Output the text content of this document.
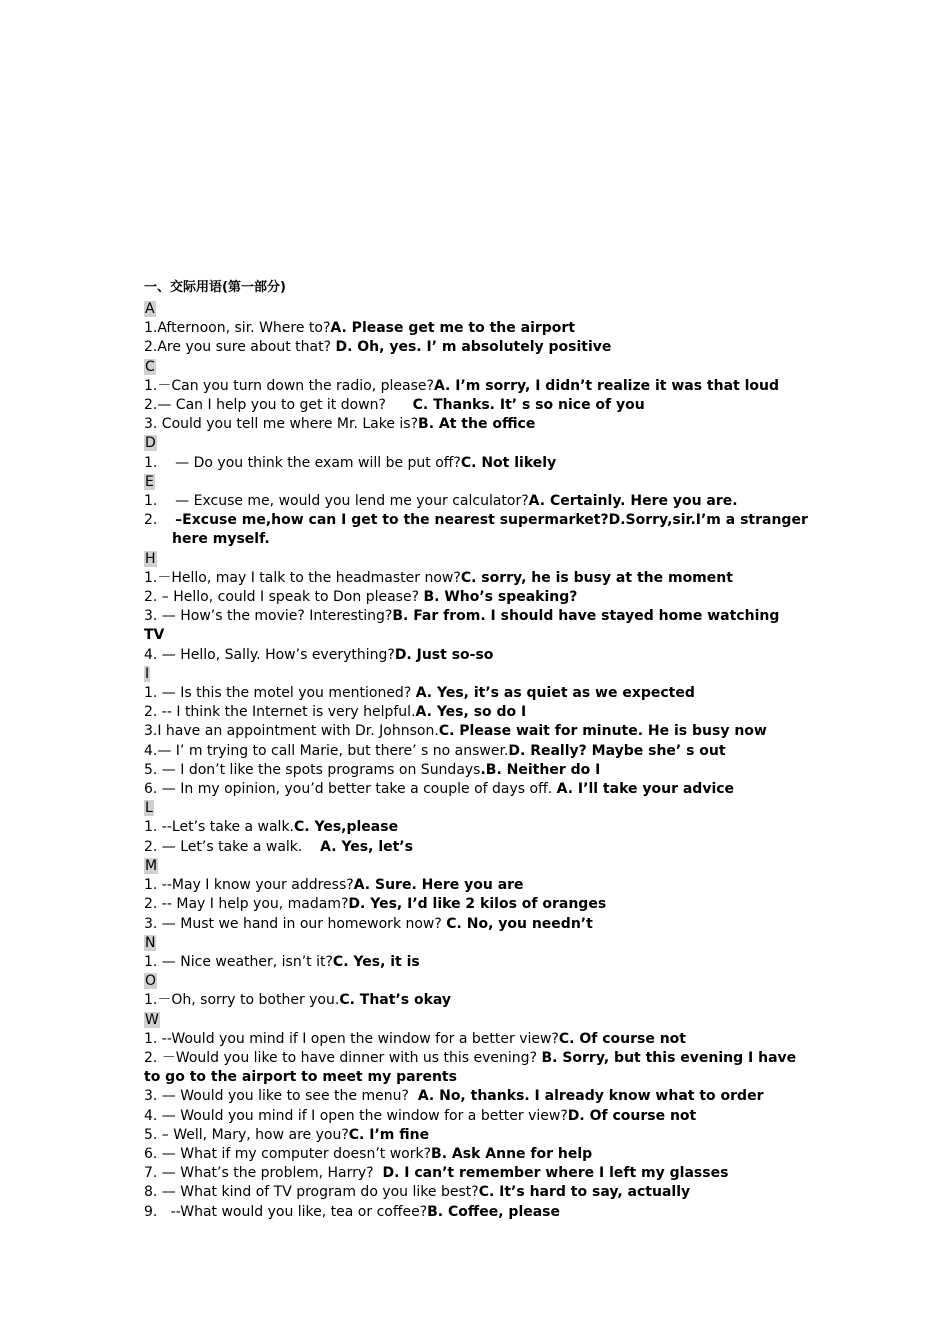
一、交际用语(第一部分)
A
1.Afternoon, sir. Where to?A. Please get me to the airport
2.Are you sure about that? D. Oh, yes. I’ m absolutely positive
C
1.－Can you turn down the radio, please?A. I’m sorry, I didn’t realize it was that loud
2.— Can I help you to get it down?      C. Thanks. It’ s so nice of you
3. Could you tell me where Mr. Lake is?B. At the office
D
1.    — Do you think the exam will be put off?C. Not likely
E
1.    — Excuse me, would you lend me your calculator?A. Certainly. Here you are.
2.    –Excuse me,how can I get to the nearest supermarket?D.Sorry,sir.I’m a stranger here myself.
H
1.－Hello, may I talk to the headmaster now?C. sorry, he is busy at the moment
2. – Hello, could I speak to Don please? B. Who’s speaking?
3. — How’s the movie? Interesting?B. Far from. I should have stayed home watching TV
4. — Hello, Sally. How’s everything?D. Just so-so
I
1. — Is this the motel you mentioned? A. Yes, it’s as quiet as we expected
2. -- I think the Internet is very helpful.A. Yes, so do I
3.I have an appointment with Dr. Johnson.C. Please wait for minute. He is busy now
4.— I’ m trying to call Marie, but there’ s no answer.D. Really? Maybe she’ s out
5. — I don’t like the spots programs on Sundays.B. Neither do I
6. — In my opinion, you’d better take a couple of days off. A. I’ll take your advice
L
1. --Let’s take a walk.C. Yes,please
2. — Let’s take a walk.    A. Yes, let’s
M
1. --May I know your address?A. Sure. Here you are
2. -- May I help you, madam?D. Yes, I’d like 2 kilos of oranges
3. — Must we hand in our homework now? C. No, you needn’t
N
1. — Nice weather, isn’t it?C. Yes, it is
O
1.－Oh, sorry to bother you.C. That’s okay
W
1. --Would you mind if I open the window for a better view?C. Of course not
2. －Would you like to have dinner with us this evening? B. Sorry, but this evening I have to go to the airport to meet my parents
3. — Would you like to see the menu?  A. No, thanks. I already know what to order
4. — Would you mind if I open the window for a better view?D. Of course not
5. – Well, Mary, how are you?C. I’m fine
6. — What if my computer doesn’t work?B. Ask Anne for help
7. — What’s the problem, Harry?  D. I can’t remember where I left my glasses
8. — What kind of TV program do you like best?C. It’s hard to say, actually
9.   --What would you like, tea or coffee?B. Coffee, please
